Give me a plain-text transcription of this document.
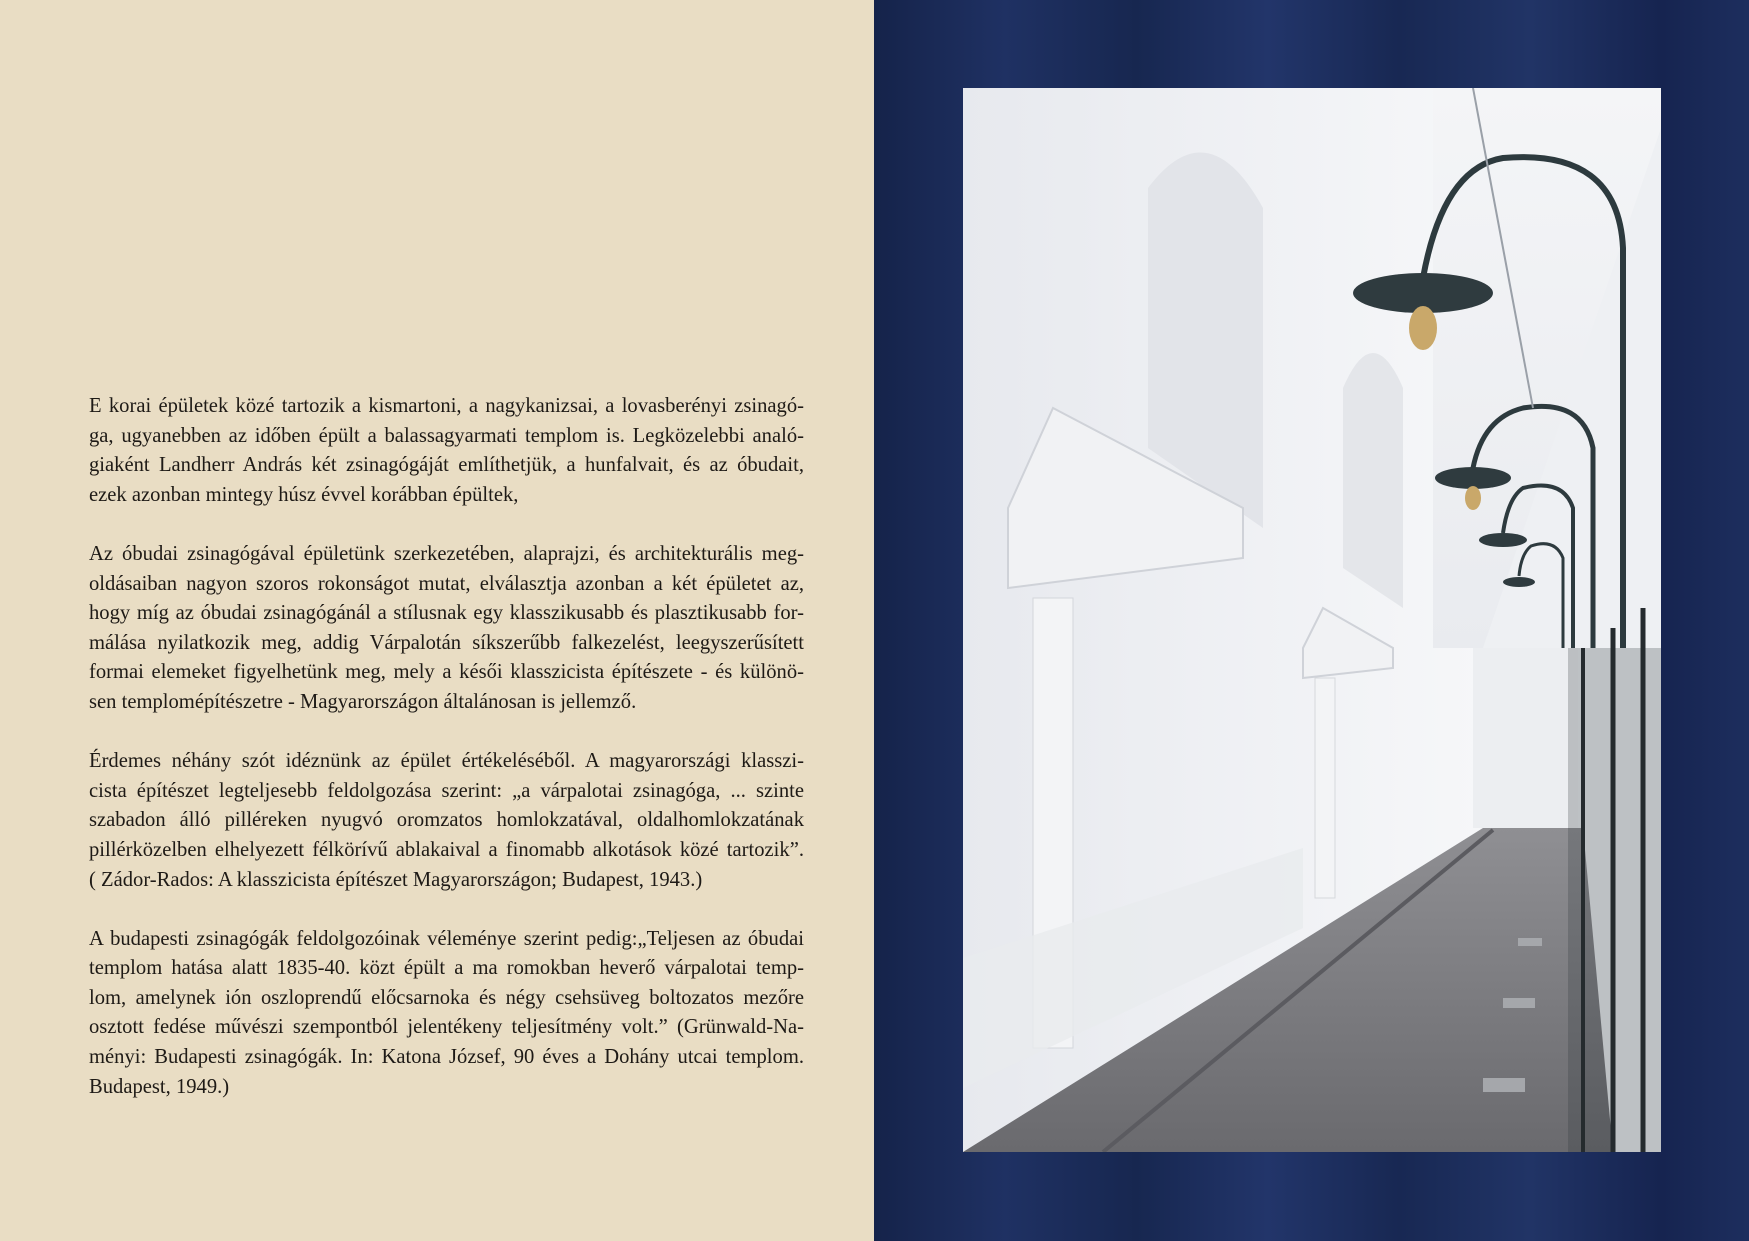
E korai épületek közé tartozik a kismartoni, a nagykanizsai, a lovasberényi zsinagó-
ga, ugyanebben az időben épült a balassagyarmati templom is. Legközelebbi analó-
giaként Landherr András két zsinagógáját említhetjük, a hunfalvait, és az óbudait,
ezek azonban mintegy húsz évvel korábban épültek,

Az óbudai zsinagógával épületünk szerkezetében, alaprajzi, és architekturális meg-
oldásaiban nagyon szoros rokonságot mutat, elválasztja azonban a két épületet az,
hogy míg az óbudai zsinagógánál a stílusnak egy klasszikusabb és plasztikusabb for-
málása nyilatkozik meg, addig Várpalotán síkszerűbb falkezelést, leegyszerűsített
formai elemeket figyelhetünk meg, mely a késői klasszicista építészete - és különö-
sen templomépítészetre - Magyarországon általánosan is jellemző.

Érdemes néhány szót idéznünk az épület értékeléséből. A magyarországi klasszi-
cista építészet legteljesebb feldolgozása szerint: „a várpalotai zsinagóga, ... szinte
szabadon álló pilléreken nyugvó oromzatos homlokzatával, oldalhomlokzatának
pillérközelben elhelyezett félkörívű ablakaival a finomabb alkotások közé tartozik”.
( Zádor-Rados: A klasszicista építészet Magyarországon; Budapest, 1943.)

A budapesti zsinagógák feldolgozóinak véleménye szerint pedig:„Teljesen az óbudai
templom hatása alatt 1835-40. közt épült a ma romokban heverő várpalotai temp-
lom, amelynek ión oszloprendű előcsarnoka és négy csehsüveg boltozatos mezőre
osztott fedése művészi szempontból jelentékeny teljesítmény volt.” (Grünwald-Na-
ményi: Budapesti zsinagógák. In: Katona József, 90 éves a Dohány utcai templom.
Budapest, 1949.)
